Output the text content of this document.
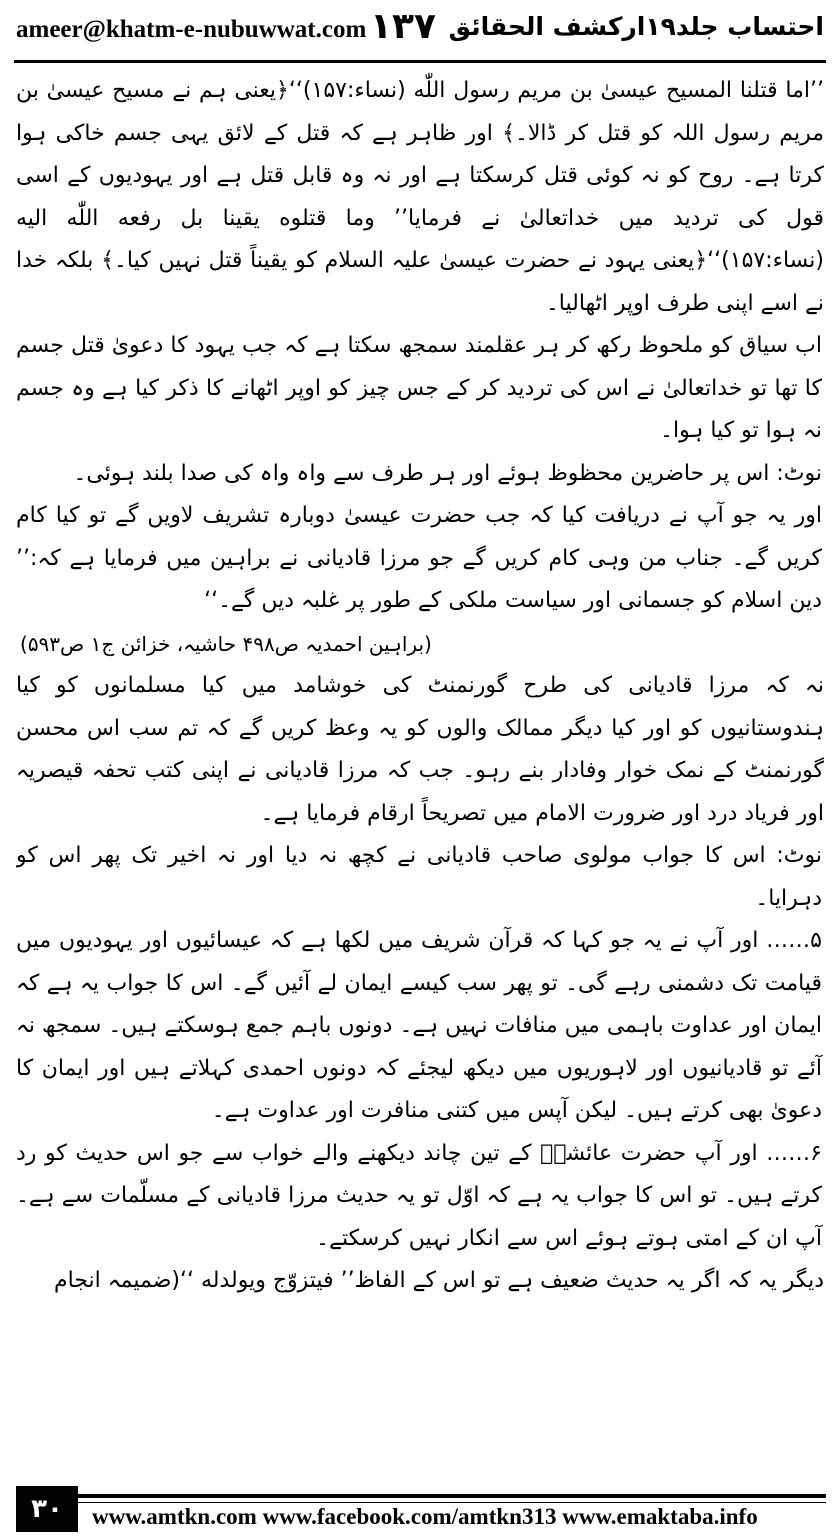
ameer@khatm-e-nubuwwat.com ۱۳۷ احتساب جلد۱۹ارکشف الحقائق

’’اما قتلنا المسیح عیسیٰ بن مریم رسول اللّٰه (نساء:۱۵۷)‘‘﴿یعنی ہم نے مسیح عیسیٰ بن مریم رسول اللہ کو قتل کر ڈالا۔﴾ اور ظاہر ہے کہ قتل کے لائق یہی جسم خاکی ہوا کرتا ہے۔ روح کو نہ کوئی قتل کرسکتا ہے اور نہ وہ قابل قتل ہے اور یہودیوں کے اسی قول کی تردید میں خداتعالیٰ نے فرمایا’’ وما قتلوه یقینا بل رفعه اللّٰه الیه (نساء:۱۵۷)‘‘﴿یعنی یہود نے حضرت عیسیٰ علیہ السلام کو یقیناً قتل نہیں کیا۔﴾ بلکہ خدا نے اسے اپنی طرف اوپر اٹھالیا۔

اب سیاق کو ملحوظ رکھ کر ہر عقلمند سمجھ سکتا ہے کہ جب یہود کا دعویٰ قتل جسم کا تھا تو خداتعالیٰ نے اس کی تردید کر کے جس چیز کو اوپر اٹھانے کا ذکر کیا ہے وہ جسم نہ ہوا تو کیا ہوا۔

نوٹ: اس پر حاضرین محظوظ ہوئے اور ہر طرف سے واہ واہ کی صدا بلند ہوئی۔

اور یہ جو آپ نے دریافت کیا کہ جب حضرت عیسیٰ دوبارہ تشریف لاویں گے تو کیا کام کریں گے۔ جناب من وہی کام کریں گے جو مرزا قادیانی نے براہین میں فرمایا ہے کہ:’’ دین اسلام کو جسمانی اور سیاست ملکی کے طور پر غلبہ دیں گے۔‘‘

(براہین احمدیہ ص۴۹۸ حاشیہ، خزائن ج۱ ص۵۹۳)

نہ کہ مرزا قادیانی کی طرح گورنمنٹ کی خوشامد میں کیا مسلمانوں کو کیا ہندوستانیوں کو اور کیا دیگر ممالک والوں کو یہ وعظ کریں گے کہ تم سب اس محسن گورنمنٹ کے نمک خوار وفادار بنے رہو۔ جب کہ مرزا قادیانی نے اپنی کتب تحفہ قیصریہ اور فریاد درد اور ضرورت الامام میں تصریحاً ارقام فرمایا ہے۔

نوٹ: اس کا جواب مولوی صاحب قادیانی نے کچھ نہ دیا اور نہ اخیر تک پھر اس کو دہرایا۔

۵…… اور آپ نے یہ جو کہا کہ قرآن شریف میں لکھا ہے کہ عیسائیوں اور یہودیوں میں قیامت تک دشمنی رہے گی۔ تو پھر سب کیسے ایمان لے آئیں گے۔ اس کا جواب یہ ہے کہ ایمان اور عداوت باہمی میں منافات نہیں ہے۔ دونوں باہم جمع ہوسکتے ہیں۔ سمجھ نہ آئے تو قادیانیوں اور لاہوریوں میں دیکھ لیجئے کہ دونوں احمدی کہلاتے ہیں اور ایمان کا دعویٰ بھی کرتے ہیں۔ لیکن آپس میں کتنی منافرت اور عداوت ہے۔

۶…… اور آپ حضرت عائشہؓ کے تین چاند دیکھنے والے خواب سے جو اس حدیث کو رد کرتے ہیں۔ تو اس کا جواب یہ ہے کہ اوّل تو یہ حدیث مرزا قادیانی کے مسلّمات سے ہے۔ آپ ان کے امتی ہوتے ہوئے اس سے انکار نہیں کرسکتے۔

دیگر یہ کہ اگر یہ حدیث ضعیف ہے تو اس کے الفاظ’’ فیتزوّج ویولدله ‘‘(ضمیمہ انجام

۳۰	www.amtkn.com www.facebook.com/amtkn313 www.emaktaba.info
